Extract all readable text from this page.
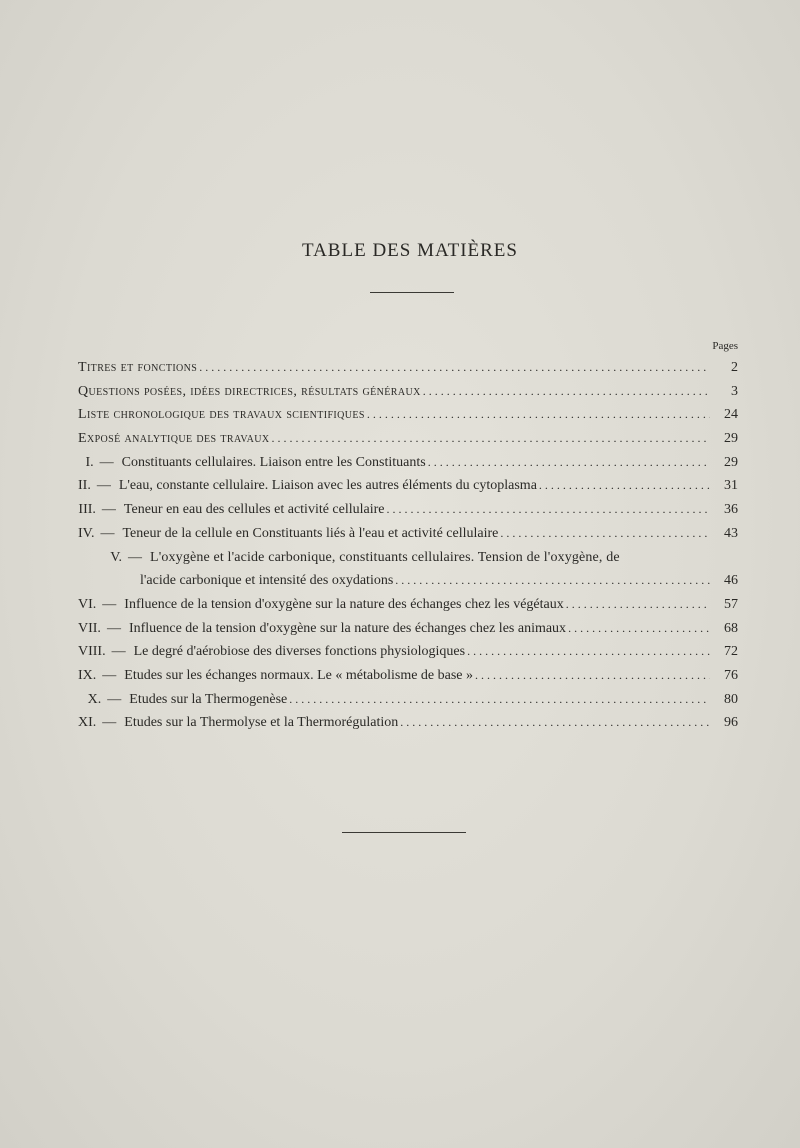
TABLE DES MATIÈRES
Pages
Titres et fonctions . . .	2
Questions posées, idées directrices, résultats généraux . . .	3
Liste chronologique des travaux scientifiques . . .	24
Exposé analytique des travaux . . .	29
I. — Constituants cellulaires. Liaison entre les Constituants . . .	29
II. — L'eau, constante cellulaire. Liaison avec les autres éléments du cytoplasma . . .	31
III. — Teneur en eau des cellules et activité cellulaire . . .	36
IV. — Teneur de la cellule en Constituants liés à l'eau et activité cellulaire . . .	43
V. — L'oxygène et l'acide carbonique, constituants cellulaires. Tension de l'oxygène, de
l'acide carbonique et intensité des oxydations . . .	46
VI. — Influence de la tension d'oxygène sur la nature des échanges chez les végétaux . . .	57
VII. — Influence de la tension d'oxygène sur la nature des échanges chez les animaux . . .	68
VIII. — Le degré d'aérobiose des diverses fonctions physiologiques . . .	72
IX. — Etudes sur les échanges normaux. Le « métabolisme de base » . . .	76
X. — Etudes sur la Thermogenèse . . .	80
XI. — Etudes sur la Thermolyse et la Thermorégulation . . .	96
